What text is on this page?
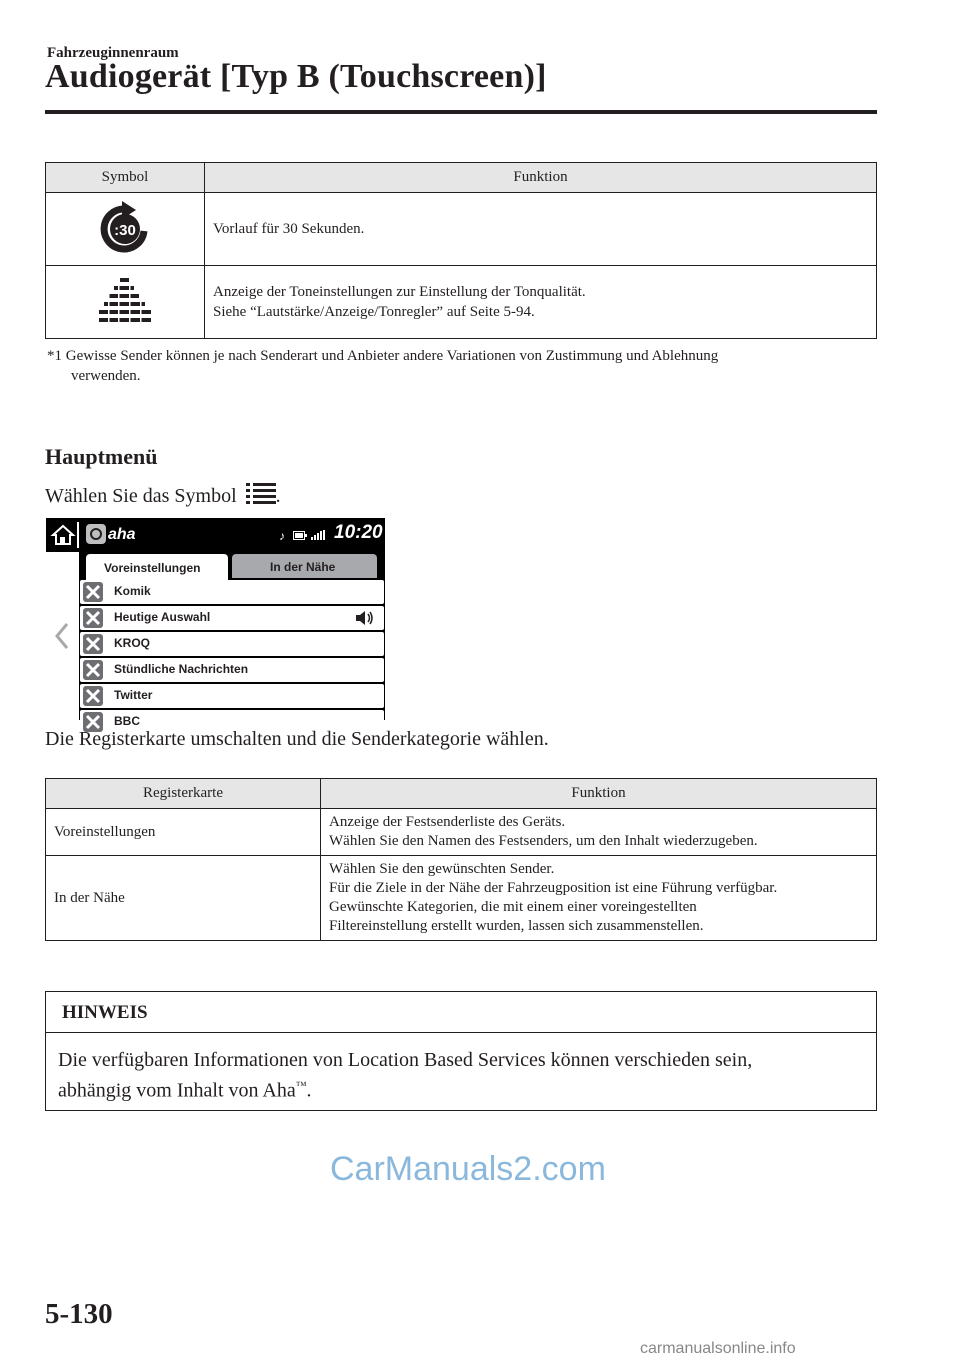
Fahrzeuginnenraum
Audiogerät [Typ B (Touchscreen)]
Symbol	Funktion

:30	Vorlauf für 30 Sekunden.
	Anzeige der Toneinstellungen zur Einstellung der Tonqualität.
Siehe “Lautstärke/Anzeige/Tonregler” auf Seite 5-94.
*1 Gewisse Sender können je nach Senderart und Anbieter andere Variationen von Zustimmung und Ablehnung
verwenden.
Hauptmenü
Wählen Sie das Symbol .
aha	♪	10:20
Voreinstellungen	In der Nähe
Komik
Heutige Auswahl
KROQ
Stündliche Nachrichten
Twitter
BBC
Die Registerkarte umschalten und die Senderkategorie wählen.
Registerkarte	Funktion
Voreinstellungen	Anzeige der Festsenderliste des Geräts.
Wählen Sie den Namen des Festsenders, um den Inhalt wiederzugeben.
In der Nähe	Wählen Sie den gewünschten Sender.
Für die Ziele in der Nähe der Fahrzeugposition ist eine Führung verfügbar.
Gewünschte Kategorien, die mit einem einer voreingestellten
Filtereinstellung erstellt wurden, lassen sich zusammenstellen.
HINWEIS
Die verfügbaren Informationen von Location Based Services können verschieden sein,
abhängig vom Inhalt von Aha™.
CarManuals2.com
5-130
carmanualsonline.info
